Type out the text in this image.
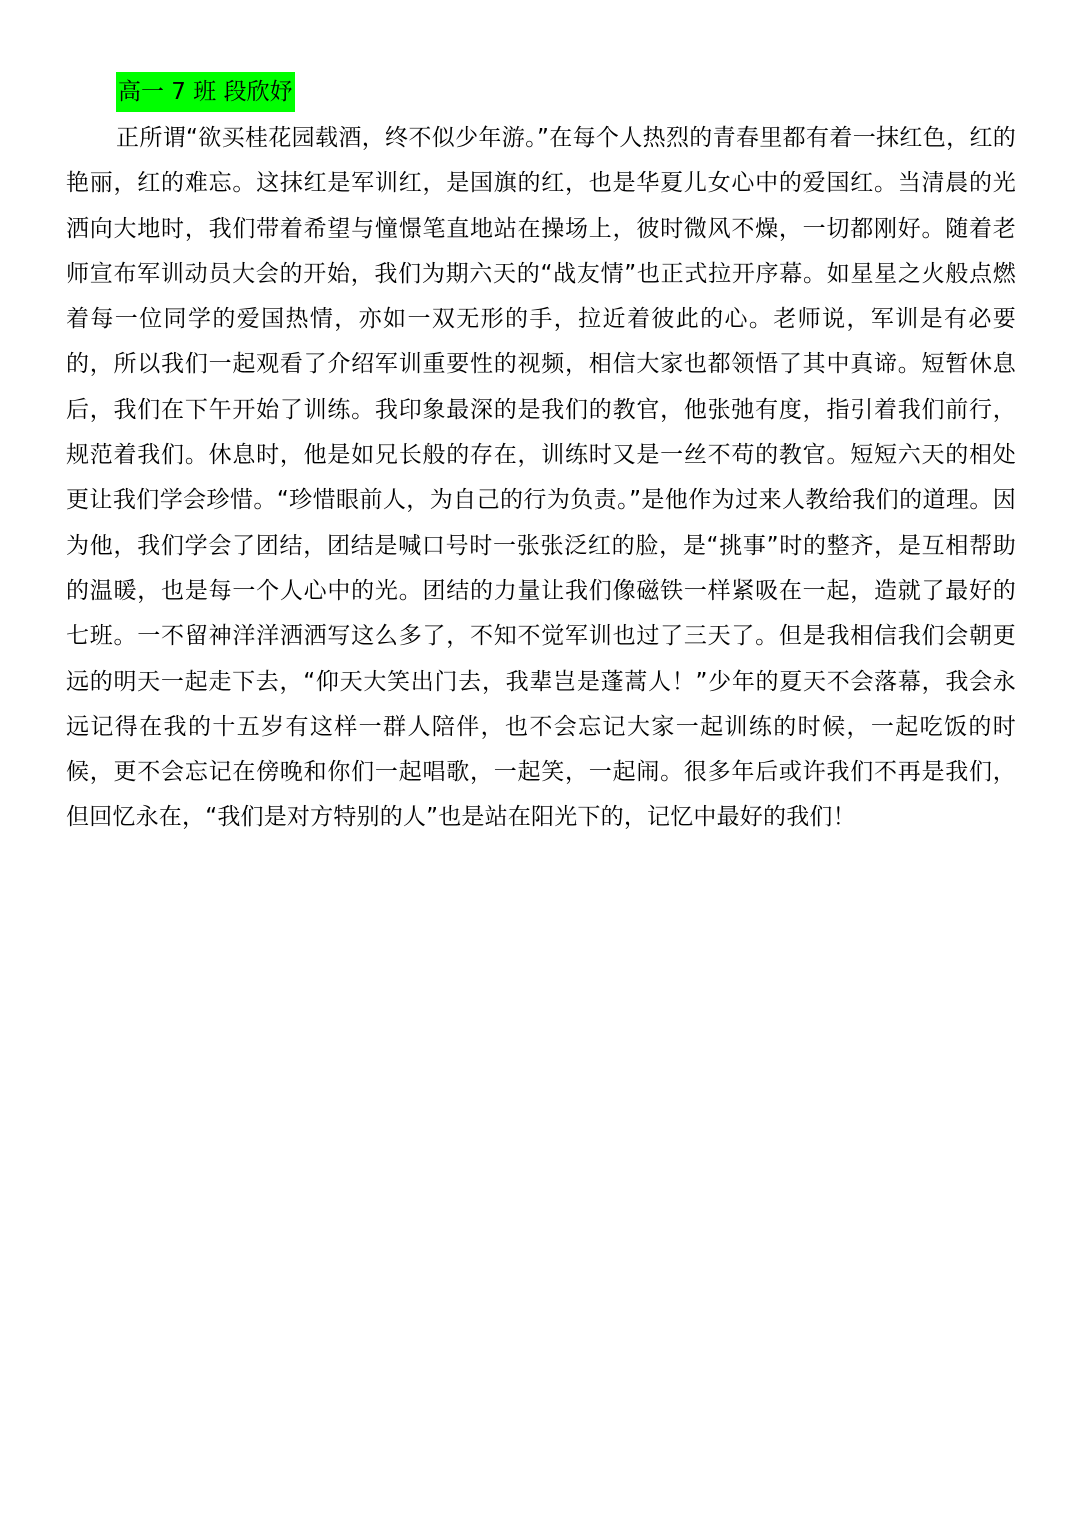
高一 7 班 段欣妤

正所谓“欲买桂花园载酒，终不似少年游。”在每个人热烈的青春里都有着一抹红色，红的艳丽，红的难忘。这抹红是军训红，是国旗的红，也是华夏儿女心中的爱国红。当清晨的光洒向大地时，我们带着希望与憧憬笔直地站在操场上，彼时微风不燥，一切都刚好。随着老师宣布军训动员大会的开始，我们为期六天的“战友情”也正式拉开序幕。如星星之火般点燃着每一位同学的爱国热情，亦如一双无形的手，拉近着彼此的心。老师说，军训是有必要的，所以我们一起观看了介绍军训重要性的视频，相信大家也都领悟了其中真谛。短暂休息后，我们在下午开始了训练。我印象最深的是我们的教官，他张弛有度，指引着我们前行，规范着我们。休息时，他是如兄长般的存在，训练时又是一丝不苟的教官。短短六天的相处更让我们学会珍惜。“珍惜眼前人，为自己的行为负责。”是他作为过来人教给我们的道理。因为他，我们学会了团结，团结是喊口号时一张张泛红的脸，是“挑事”时的整齐，是互相帮助的温暖，也是每一个人心中的光。团结的力量让我们像磁铁一样紧吸在一起，造就了最好的七班。一不留神洋洋洒洒写这么多了，不知不觉军训也过了三天了。但是我相信我们会朝更远的明天一起走下去，“仰天大笑出门去，我辈岂是蓬蒿人！”少年的夏天不会落幕，我会永远记得在我的十五岁有这样一群人陪伴，也不会忘记大家一起训练的时候，一起吃饭的时候，更不会忘记在傍晚和你们一起唱歌，一起笑，一起闹。很多年后或许我们不再是我们，但回忆永在，“我们是对方特别的人”也是站在阳光下的，记忆中最好的我们！
